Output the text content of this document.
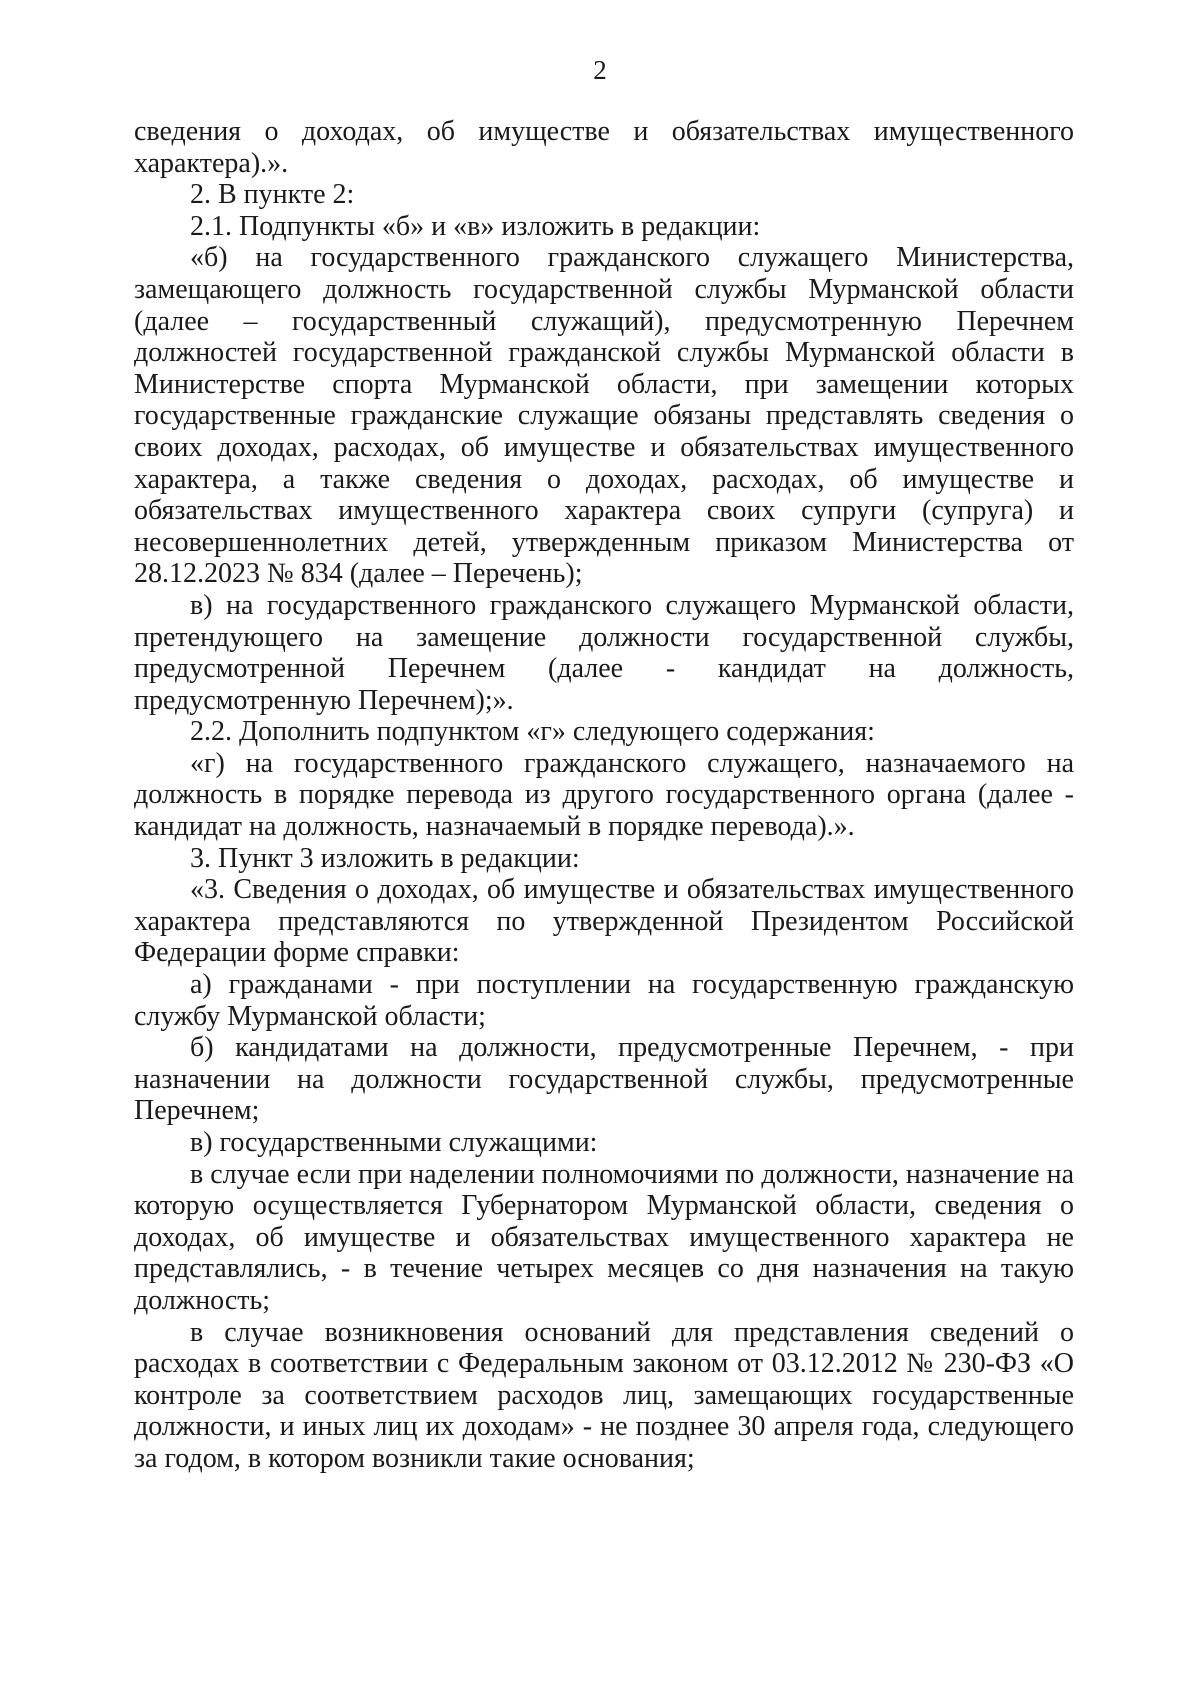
2

сведения о доходах, об имуществе и обязательствах имущественного характера).».

2. В пункте 2:

2.1. Подпункты «б» и «в» изложить в редакции:

«б) на государственного гражданского служащего Министерства, замещающего должность государственной службы Мурманской области (далее – государственный служащий), предусмотренную Перечнем должностей государственной гражданской службы Мурманской области в Министерстве спорта Мурманской области, при замещении которых государственные гражданские служащие обязаны представлять сведения о своих доходах, расходах, об имуществе и обязательствах имущественного характера, а также сведения о доходах, расходах, об имуществе и обязательствах имущественного характера своих супруги (супруга) и несовершеннолетних детей, утвержденным приказом Министерства от 28.12.2023 № 834 (далее – Перечень);

в) на государственного гражданского служащего Мурманской области, претендующего на замещение должности государственной службы, предусмотренной Перечнем (далее - кандидат на должность, предусмотренную Перечнем);».

2.2. Дополнить подпунктом «г» следующего содержания:

«г) на государственного гражданского служащего, назначаемого на должность в порядке перевода из другого государственного органа (далее - кандидат на должность, назначаемый в порядке перевода).».

3. Пункт 3 изложить в редакции:

«3. Сведения о доходах, об имуществе и обязательствах имущественного характера представляются по утвержденной Президентом Российской Федерации форме справки:

а) гражданами - при поступлении на государственную гражданскую службу Мурманской области;

б) кандидатами на должности, предусмотренные Перечнем, - при назначении на должности государственной службы, предусмотренные Перечнем;

в) государственными служащими:

в случае если при наделении полномочиями по должности, назначение на которую осуществляется Губернатором Мурманской области, сведения о доходах, об имуществе и обязательствах имущественного характера не представлялись, - в течение четырех месяцев со дня назначения на такую должность;

в случае возникновения оснований для представления сведений о расходах в соответствии с Федеральным законом от 03.12.2012 № 230-ФЗ «О контроле за соответствием расходов лиц, замещающих государственные должности, и иных лиц их доходам» - не позднее 30 апреля года, следующего за годом, в котором возникли такие основания;
